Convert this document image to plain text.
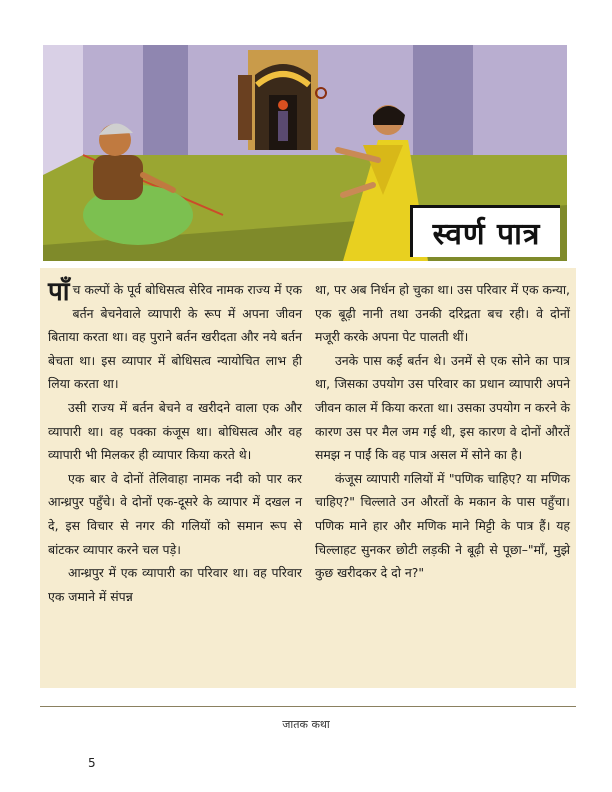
स्वर्ण पात्र

पाँच कल्पों के पूर्व बोधिसत्व सेरिव नामक राज्य में एक बर्तन बेचनेवाले व्यापारी के रूप में अपना जीवन बिताया करता था। वह पुराने बर्तन खरीदता और नये बर्तन बेचता था। इस व्यापार में बोधिसत्व न्यायोचित लाभ ही लिया करता था।

उसी राज्य में बर्तन बेचने व खरीदने वाला एक और व्यापारी था। वह पक्का कंजूस था। बोधिसत्व और वह व्यापारी भी मिलकर ही व्यापार किया करते थे।

एक बार वे दोनों तेलिवाहा नामक नदी को पार कर आन्ध्रपुर पहुँचे। वे दोनों एक-दूसरे के व्यापार में दखल न दे, इस विचार से नगर की गलियों को समान रूप से बांटकर व्यापार करने चल पड़े।

आन्ध्रपुर में एक व्यापारी का परिवार था। वह परिवार एक जमाने में संपन्न

था, पर अब निर्धन हो चुका था। उस परिवार में एक कन्या, एक बूढ़ी नानी तथा उनकी दरिद्रता बच रही। वे दोनों मजूरी करके अपना पेट पालती थीं।

उनके पास कई बर्तन थे। उनमें से एक सोने का पात्र था, जिसका उपयोग उस परिवार का प्रधान व्यापारी अपने जीवन काल में किया करता था। उसका उपयोग न करने के कारण उस पर मैल जम गई थी, इस कारण वे दोनों औरतें समझ न पाईं कि वह पात्र असल में सोने का है।

कंजूस व्यापारी गलियों में "पणिक चाहिए? या मणिक चाहिए?" चिल्लाते उन औरतों के मकान के पास पहुँचा। पणिक माने हार और मणिक माने मिट्टी के पात्र हैं। यह चिल्लाहट सुनकर छोटी लड़की ने बूढ़ी से पूछा–"माँ, मुझे कुछ खरीदकर दे दो न?"

जातक कथा
5
